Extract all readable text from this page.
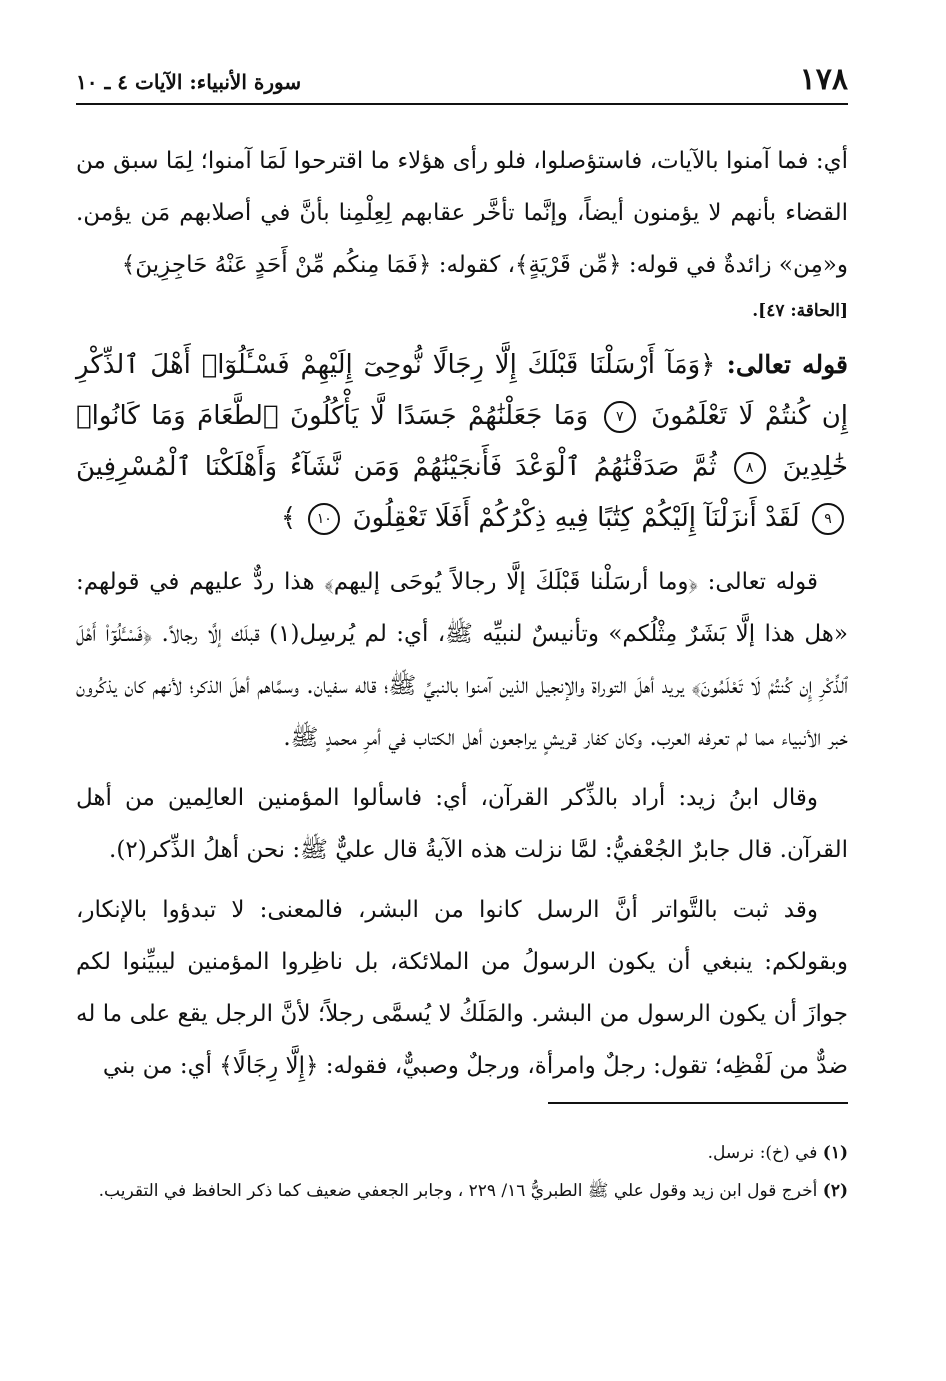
١٧٨
سورة الأنبياء: الآيات ٤ ـ ١٠

أي: فما آمنوا بالآيات، فاستؤصلوا، فلو رأى هؤلاء ما اقترحوا لَمَا آمنوا؛ لِمَا سبق من القضاء بأنهم لا يؤمنون أيضاً، وإنَّما تأخَّر عقابهم لِعِلْمِنا بأنَّ في أصلابهم مَن يؤمن. و«مِن» زائدةٌ في قوله: ﴿مِّن قَرْيَةٍ﴾، كقوله: ﴿فَمَا مِنكُم مِّنْ أَحَدٍ عَنْهُ حَاجِزِينَ﴾

[الحاقة: ٤٧].
قوله تعالى: ﴿وَمَآ أَرْسَلْنَا قَبْلَكَ إِلَّا رِجَالًا نُّوحِىٓ إِلَيْهِمْ فَسْـَٔلُوٓا۟ أَهْلَ ٱلذِّكْرِ إِن كُنتُمْ لَا تَعْلَمُونَ ٧ وَمَا جَعَلْنَٰهُمْ جَسَدًا لَّا يَأْكُلُونَ ٱلطَّعَامَ وَمَا كَانُوا۟ خَٰلِدِينَ ٨ ثُمَّ صَدَقْنَٰهُمُ ٱلْوَعْدَ فَأَنجَيْنَٰهُمْ وَمَن نَّشَآءُ وَأَهْلَكْنَا ٱلْمُسْرِفِينَ ٩ لَقَدْ أَنزَلْنَآ إِلَيْكُمْ كِتَٰبًا فِيهِ ذِكْرُكُمْ أَفَلَا تَعْقِلُونَ ١٠ ﴾

قوله تعالى: ﴿وما أرسَلْنا قَبْلَكَ إلَّا رجالاً يُوحَى إليهم﴾ هذا ردٌّ عليهم في قولهم: «هل هذا إلَّا بَشَرٌ مِثْلُكم» وتأنيسٌ لنبيِّه ﷺ، أي: لم يُرسِل(١) قبلَك إلَّا رجالاً. ﴿فَسْـَٔلُوٓا۟ أَهْلَ ٱلذِّكْرِ إِن كُنتُمْ لَا تَعْلَمُونَ﴾ يريد أهلَ التوراة والإنجيل الذين آمنوا بالنبيِّ ﷺ؛ قاله سفيان. وسمَّاهم أهلَ الذكر؛ لأنهم كان يذكُرون خبر الأنبياء مما لم تعرفه العرب. وكان كفار قريشٍ يراجعون أهل الكتاب في أمرِ محمدٍ ﷺ.

وقال ابنُ زيد: أراد بالذِّكر القرآن، أي: فاسألوا المؤمنين العالِمين من أهل القرآن. قال جابرٌ الجُعْفيُّ: لمَّا نزلت هذه الآيةُ قال عليٌّ ﷺ: نحن أهلُ الذِّكر(٢).

وقد ثبت بالتَّواتر أنَّ الرسل كانوا من البشر، فالمعنى: لا تبدؤوا بالإنكار، وبقولكم: ينبغي أن يكون الرسولُ من الملائكة، بل ناظِروا المؤمنين ليبيِّنوا لكم جوازَ أن يكون الرسول من البشر. والمَلَكُ لا يُسمَّى رجلاً؛ لأنَّ الرجل يقع على ما له ضدٌّ من لَفْظِه؛ تقول: رجلٌ وامرأة، ورجلٌ وصبيٌّ، فقوله: ﴿إِلَّا رِجَالًا﴾ أي: من بني

(١) في (خ): نرسل.
(٢) أخرج قول ابن زيد وقول علي ﷺ الطبريُّ ١٦/ ٢٢٩ ، وجابر الجعفي ضعيف كما ذكر الحافظ في التقريب.
